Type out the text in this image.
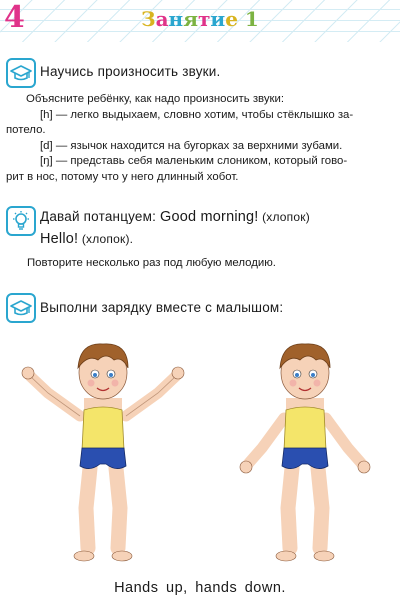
4	Занятие 1
Научись произносить звуки.
Объясните ребёнку, как надо произносить звуки:
[h] — легко выдыхаем, словно хотим, чтобы стёклышко за-
потело.
[d] — язычок находится на бугорках за верхними зубами.
[ŋ] — представь себя маленьким слоником, который гово-
рит в нос, потому что у него длинный хобот.
Давай потанцуем: Good morning! (хлопок)
Hello! (хлопок).
Повторите несколько раз под любую мелодию.
Выполни зарядку вместе с малышом:
Hands up, hands down.
